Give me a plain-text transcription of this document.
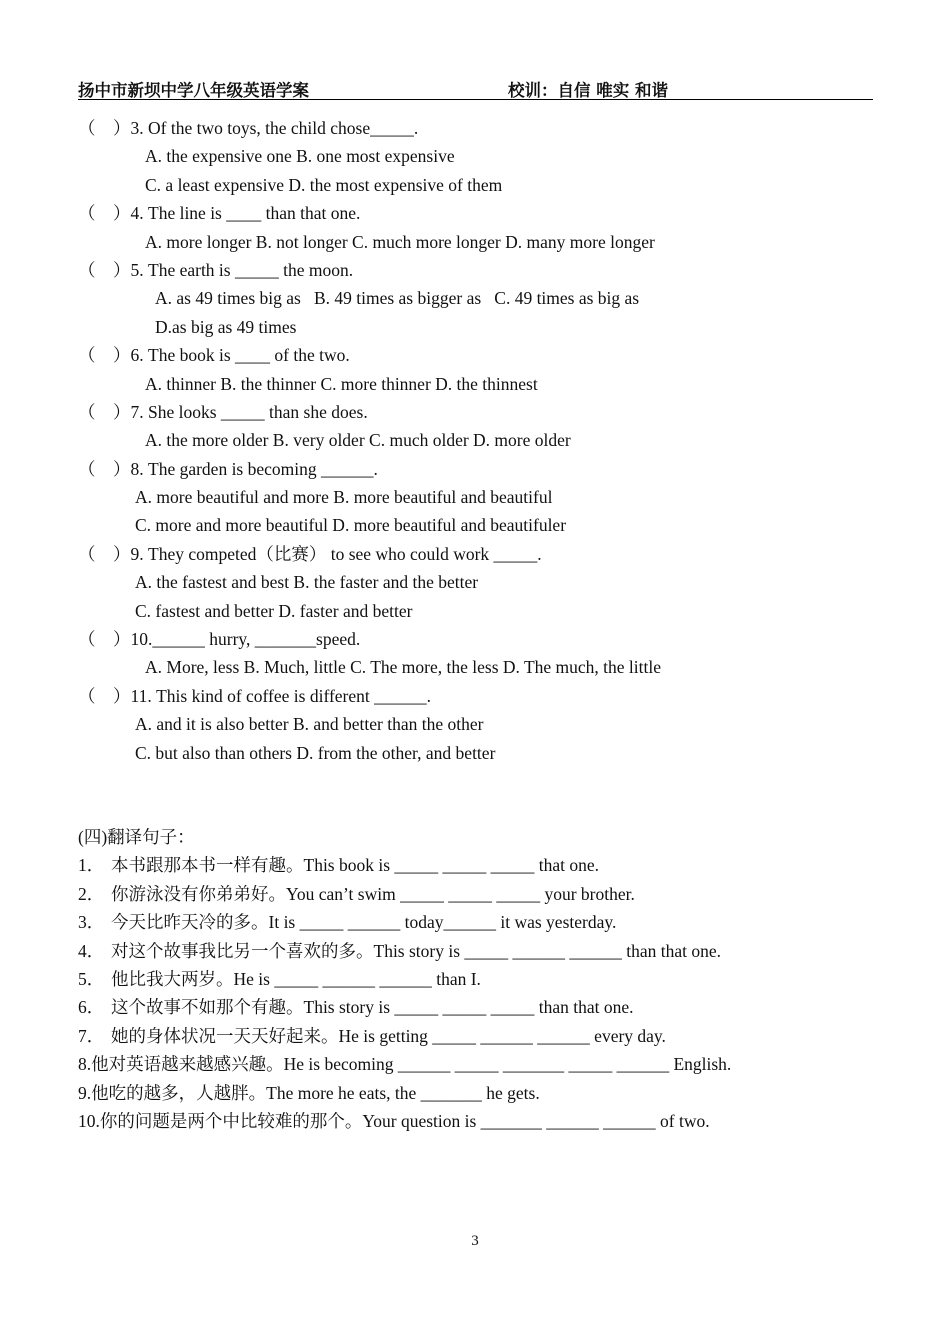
扬中市新坝中学八年级英语学案	校训：自信 唯实 和谐
（　）3. Of the two toys, the child chose_____.
A. the expensive one B. one most expensive
C. a least expensive D. the most expensive of them
（　）4. The line is ____ than that one.
A. more longer B. not longer C. much more longer D. many more longer
（　）5. The earth is _____ the moon.
A. as 49 times big as   B. 49 times as bigger as   C. 49 times as big as
D.as big as 49 times
（　）6. The book is ____ of the two.
A. thinner B. the thinner C. more thinner D. the thinnest
（　）7. She looks _____ than she does.
A. the more older B. very older C. much older D. more older
（　）8. The garden is becoming ______.
A. more beautiful and more B. more beautiful and beautiful
C. more and more beautiful D. more beautiful and beautifuler
（　）9. They competed（比赛） to see who could work _____.
A. the fastest and best B. the faster and the better
C. fastest and better D. faster and better
（　）10.______ hurry, _______speed.
A. More, less B. Much, little C. The more, the less D. The much, the little
（　）11. This kind of coffee is different ______.
A. and it is also better B. and better than the other
C. but also than others D. from the other, and better
(四)翻译句子：
1． 本书跟那本书一样有趣。This book is _____ _____ _____ that one.
2． 你游泳没有你弟弟好。You can’t swim _____ _____ _____ your brother.
3． 今天比昨天冷的多。It is _____ ______ today______ it was yesterday.
4． 对这个故事我比另一个喜欢的多。This story is _____ ______ ______ than that one.
5． 他比我大两岁。He is _____ ______ ______ than I.
6． 这个故事不如那个有趣。This story is _____ _____ _____ than that one.
7． 她的身体状况一天天好起来。He is getting _____ ______ ______ every day.
8.他对英语越来越感兴趣。He is becoming ______ _____ _______ _____ ______ English.
9.他吃的越多，人越胖。The more he eats, the _______ he gets.
10.你的问题是两个中比较难的那个。Your question is _______ ______ ______ of two.
3
